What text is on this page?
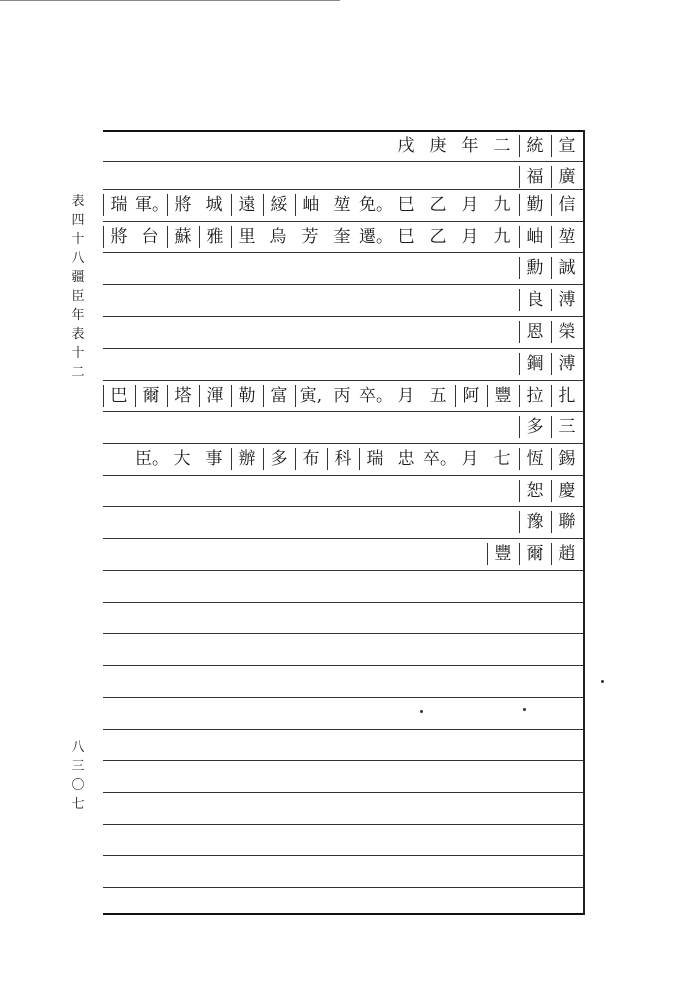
表四十八　疆臣年表十二
八三〇七
宣
統
二
年
庚
戌
廣
福
信
勤
九
月
乙
巳
免。
堃
岫
綏
遠
城
將
軍。
瑞
堃
岫
九
月
乙
巳
遷。
奎
芳
烏
里
雅
蘇
台
將
誠
勳
溥
良
榮
恩
溥
鋼
扎
拉
豐
阿
五
月
卒。
丙
寅,
富
勒
渾
塔
爾
巴
三
多
錫
恆
七
月
卒。
忠
瑞
科
布
多
辦
事
大
臣。
慶
恕
聯
豫
趙
爾
豐
